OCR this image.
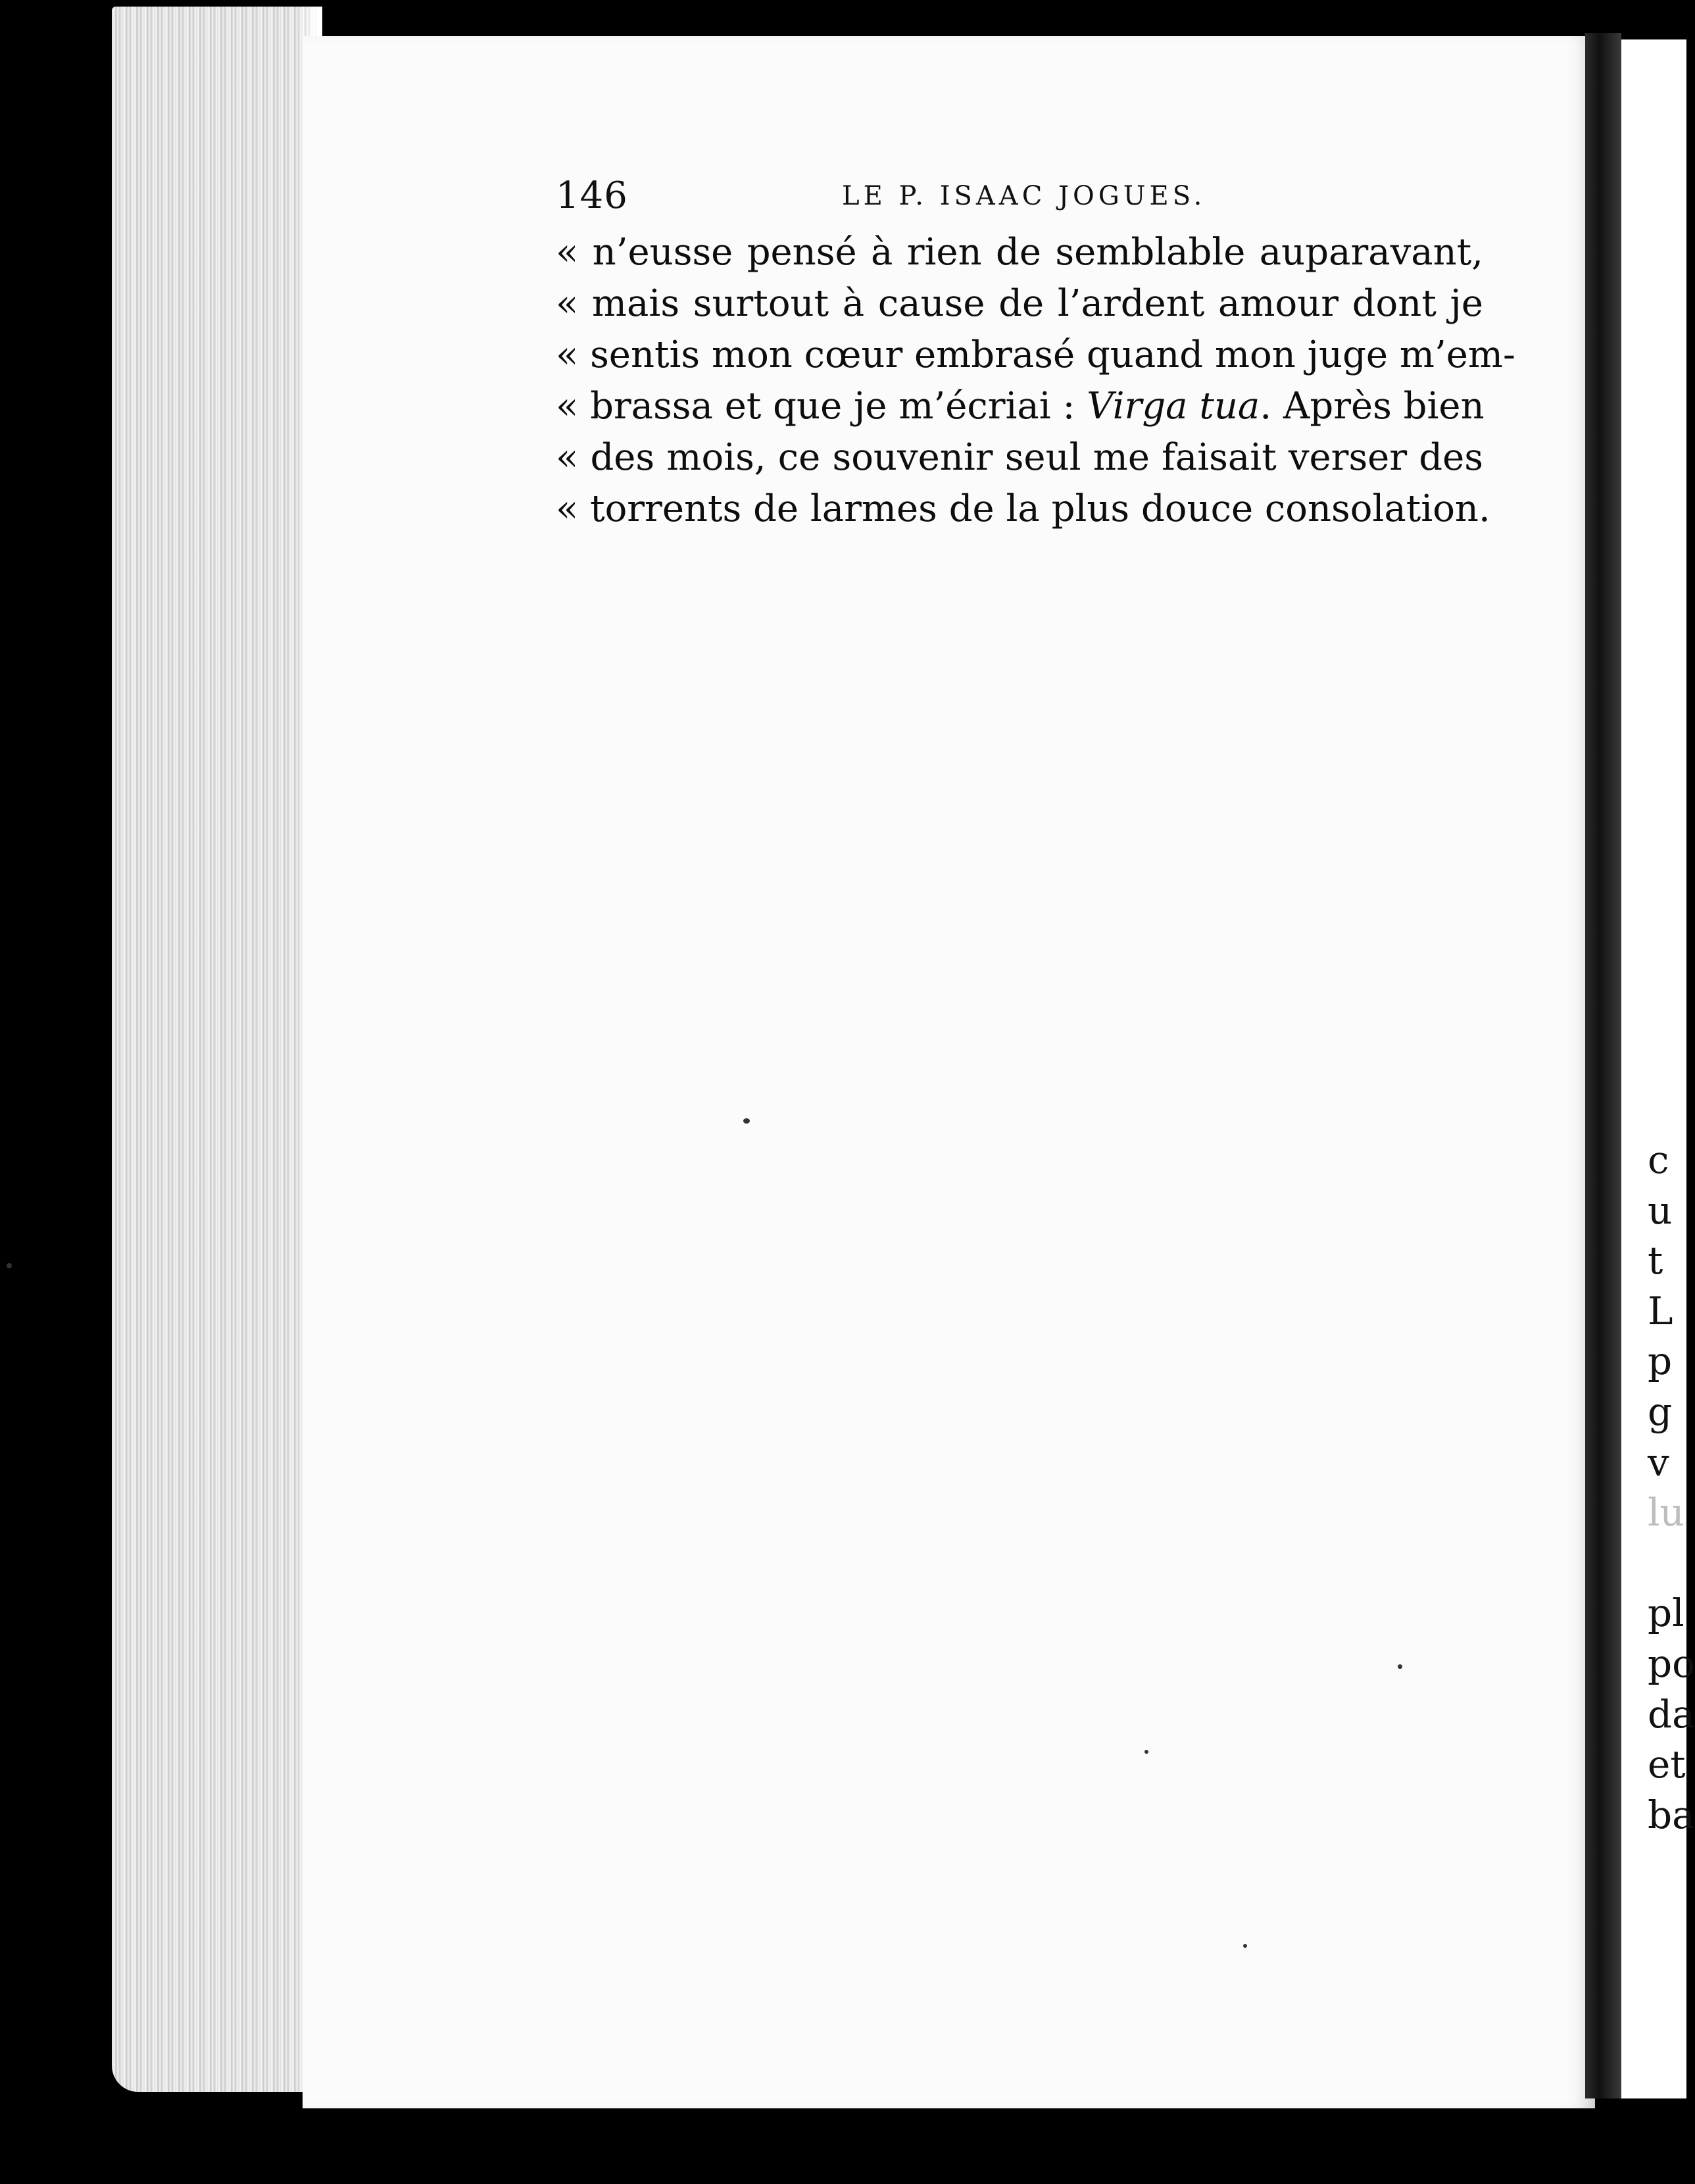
c
u
t
L
p
g
v
lu
pl
po
da
et
ba
146	LE P. ISAAC JOGUES.
« n’eusse pensé à rien de semblable auparavant,
« mais surtout à cause de l’ardent amour dont je
« sentis mon cœur embrasé quand mon juge m’em-
« brassa et que je m’écriai : Virga tua. Après bien
« des mois, ce souvenir seul me faisait verser des
« torrents de larmes de la plus douce consolation.
